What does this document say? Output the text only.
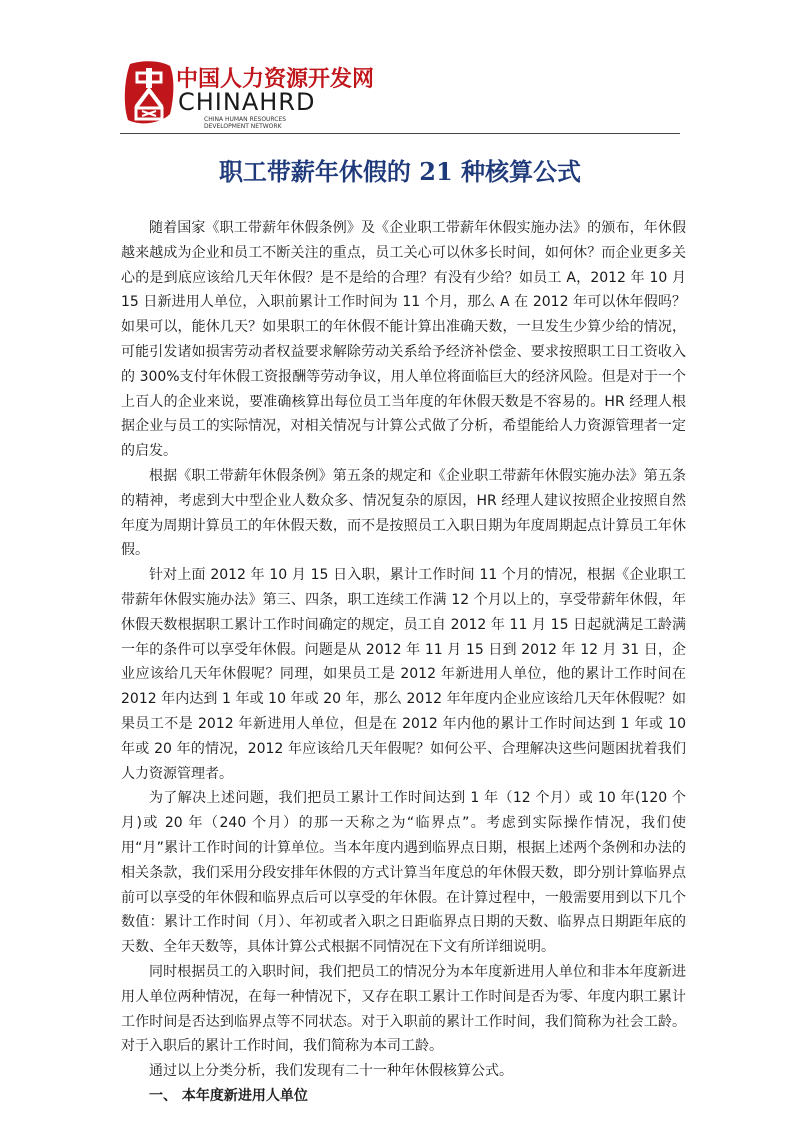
中国人力资源开发网
CHINAHRD
CHINA HUMAN RESOURCES
DEVELOPMENT NETWORK
职工带薪年休假的 21 种核算公式

随着国家《职工带薪年休假条例》及《企业职工带薪年休假实施办法》的颁布，年休假越来越成为企业和员工不断关注的重点，员工关心可以休多长时间，如何休？而企业更多关心的是到底应该给几天年休假？是不是给的合理？有没有少给？如员工 A，2012 年 10 月 15 日新进用人单位，入职前累计工作时间为 11 个月，那么 A 在 2012 年可以休年假吗？如果可以，能休几天？如果职工的年休假不能计算出准确天数，一旦发生少算少给的情况，可能引发诸如损害劳动者权益要求解除劳动关系给予经济补偿金、要求按照职工日工资收入的 300%支付年休假工资报酬等劳动争议，用人单位将面临巨大的经济风险。但是对于一个上百人的企业来说，要准确核算出每位员工当年度的年休假天数是不容易的。HR 经理人根据企业与员工的实际情况，对相关情况与计算公式做了分析，希望能给人力资源管理者一定的启发。

根据《职工带薪年休假条例》第五条的规定和《企业职工带薪年休假实施办法》第五条的精神，考虑到大中型企业人数众多、情况复杂的原因，HR 经理人建议按照企业按照自然年度为周期计算员工的年休假天数，而不是按照员工入职日期为年度周期起点计算员工年休假。

针对上面 2012 年 10 月 15 日入职，累计工作时间 11 个月的情况，根据《企业职工带薪年休假实施办法》第三、四条，职工连续工作满 12 个月以上的，享受带薪年休假，年休假天数根据职工累计工作时间确定的规定，员工自 2012 年 11 月 15 日起就满足工龄满一年的条件可以享受年休假。问题是从 2012 年 11 月 15 日到 2012 年 12 月 31 日，企业应该给几天年休假呢？同理，如果员工是 2012 年新进用人单位，他的累计工作时间在 2012 年内达到 1 年或 10 年或 20 年，那么 2012 年年度内企业应该给几天年休假呢？如果员工不是 2012 年新进用人单位，但是在 2012 年内他的累计工作时间达到 1 年或 10 年或 20 年的情况，2012 年应该给几天年假呢？如何公平、合理解决这些问题困扰着我们人力资源管理者。

为了解决上述问题，我们把员工累计工作时间达到 1 年（12 个月）或 10 年(120 个月)或 20 年（240 个月）的那一天称之为“临界点”。考虑到实际操作情况，我们使用“月”累计工作时间的计算单位。当本年度内遇到临界点日期，根据上述两个条例和办法的相关条款，我们采用分段安排年休假的方式计算当年度总的年休假天数，即分别计算临界点前可以享受的年休假和临界点后可以享受的年休假。在计算过程中，一般需要用到以下几个数值：累计工作时间（月）、年初或者入职之日距临界点日期的天数、临界点日期距年底的天数、全年天数等，具体计算公式根据不同情况在下文有所详细说明。

同时根据员工的入职时间，我们把员工的情况分为本年度新进用人单位和非本年度新进用人单位两种情况，在每一种情况下，又存在职工累计工作时间是否为零、年度内职工累计工作时间是否达到临界点等不同状态。对于入职前的累计工作时间，我们简称为社会工龄。对于入职后的累计工作时间，我们简称为本司工龄。

通过以上分类分析，我们发现有二十一种年休假核算公式。

一、 本年度新进用人单位
